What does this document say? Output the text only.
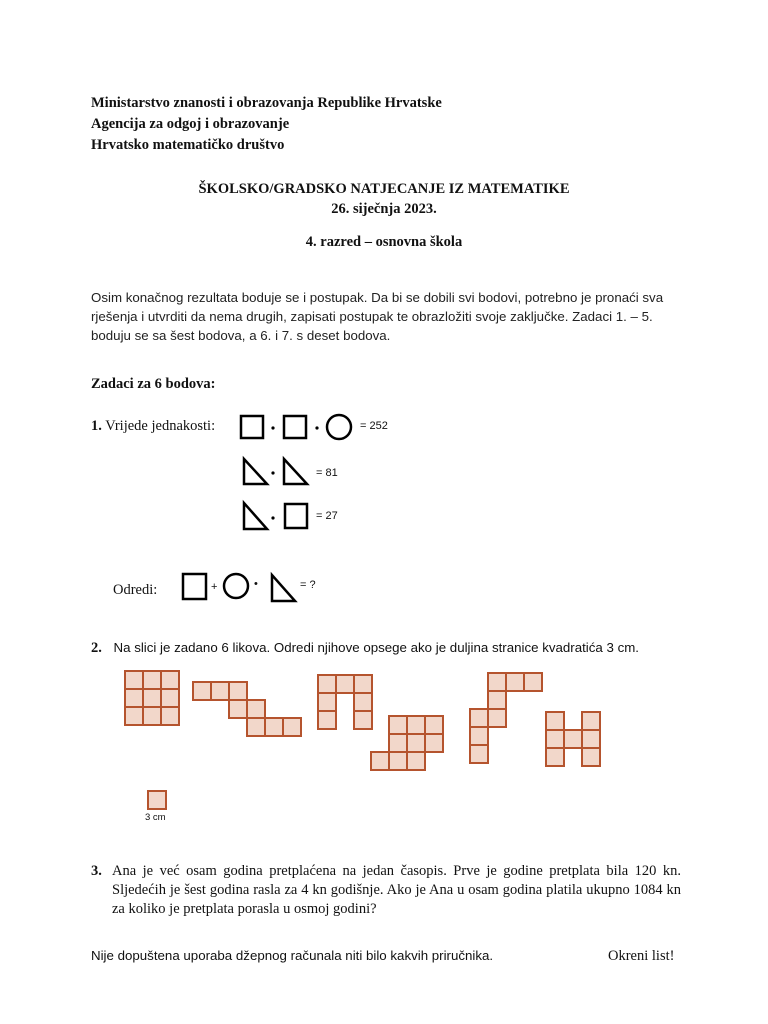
Ministarstvo znanosti i obrazovanja Republike Hrvatske
Agencija za odgoj i obrazovanje
Hrvatsko matematičko društvo
ŠKOLSKO/GRADSKO NATJECANJE IZ MATEMATIKE
26. siječnja 2023.
4. razred – osnovna škola
Osim konačnog rezultata boduje se i postupak. Da bi se dobili svi bodovi, potrebno je pronaći sva rješenja i utvrditi da nema drugih, zapisati postupak te obrazložiti svoje zaključke. Zadaci 1. – 5. boduju se sa šest bodova, a 6. i 7. s deset bodova.
Zadaci za 6 bodova:
1. Vrijede jednakosti:	= 252
= 81
= 27
Odredi:	+	•	= ?
2. Na slici je zadano 6 likova. Odredi njihove opsege ako je duljina stranice kvadratića 3 cm.
3 cm
3. Ana je već osam godina pretplaćena na jedan časopis. Prve je godine pretplata bila 120 kn. Sljedećih je šest godina rasla za 4 kn godišnje. Ako je Ana u osam godina platila ukupno 1084 kn za koliko je pretplata porasla u osmoj godini?
Nije dopuštena uporaba džepnog računala niti bilo kakvih priručnika.	Okreni list!
